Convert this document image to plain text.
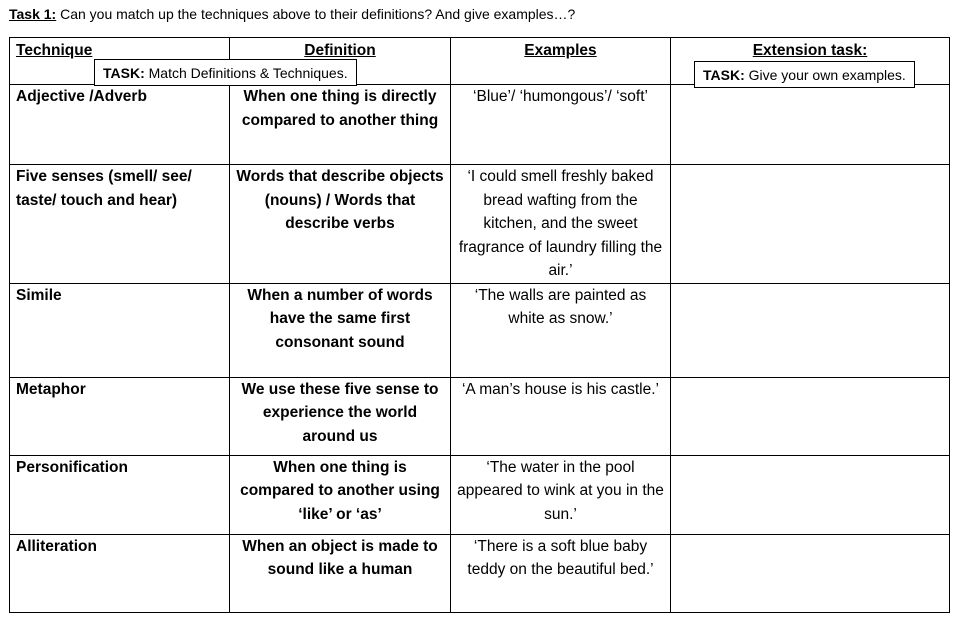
Task 1: Can you match up the techniques above to their definitions? And give examples…?
Technique	Definition	Examples	Extension task:
Adjective /Adverb	When one thing is directly compared to another thing	‘Blue’/ ‘humongous’/ ‘soft’	
Five senses (smell/ see/ taste/ touch and hear)	Words that describe objects (nouns) / Words that describe verbs	‘I could smell freshly baked bread wafting from the kitchen, and the sweet fragrance of laundry filling the air.’	
Simile	When a number of words have the same first consonant sound	‘The walls are painted as white as snow.’	
Metaphor	We use these five sense to experience the world around us	‘A man’s house is his castle.’	
Personification	When one thing is compared to another using ‘like’ or ‘as’	‘The water in the pool appeared to wink at you in the sun.’	
Alliteration	When an object is made to sound like a human	‘There is a soft blue baby teddy on the beautiful bed.’	
TASK: Match Definitions & Techniques.	TASK: Give your own examples.
